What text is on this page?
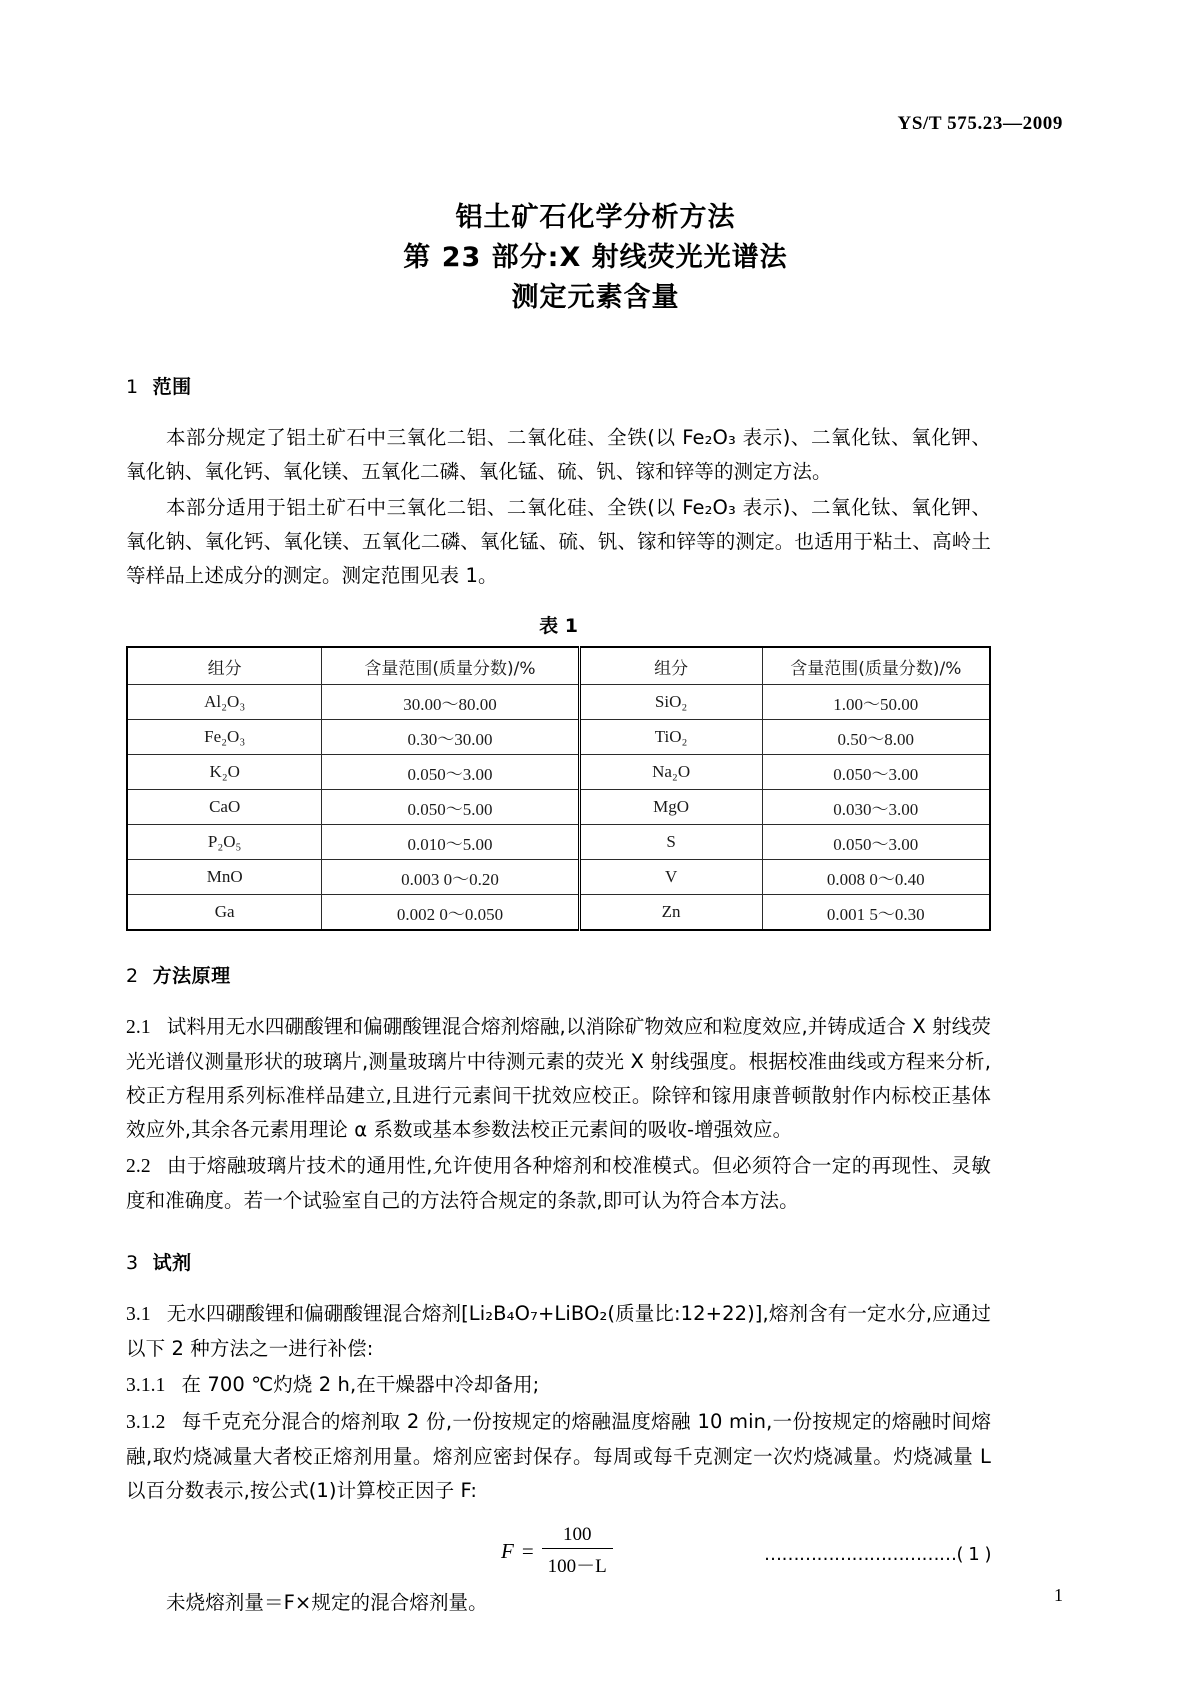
YS/T 575.23—2009
铝土矿石化学分析方法
第 23 部分:X 射线荧光光谱法
测定元素含量
1 范围

本部分规定了铝土矿石中三氧化二铝、二氧化硅、全铁(以 Fe₂O₃ 表示)、二氧化钛、氧化钾、氧化钠、氧化钙、氧化镁、五氧化二磷、氧化锰、硫、钒、镓和锌等的测定方法。

本部分适用于铝土矿石中三氧化二铝、二氧化硅、全铁(以 Fe₂O₃ 表示)、二氧化钛、氧化钾、氧化钠、氧化钙、氧化镁、五氧化二磷、氧化锰、硫、钒、镓和锌等的测定。也适用于粘土、高岭土等样品上述成分的测定。测定范围见表 1。

表 1
组分	含量范围(质量分数)/%	组分	含量范围(质量分数)/%
Al₂O₃	30.00～80.00	SiO₂	1.00～50.00
Fe₂O₃	0.30～30.00	TiO₂	0.50～8.00
K₂O	0.050～3.00	Na₂O	0.050～3.00
CaO	0.050～5.00	MgO	0.030～3.00
P₂O₅	0.010～5.00	S	0.050～3.00
MnO	0.003 0～0.20	V	0.008 0～0.40
Ga	0.002 0～0.050	Zn	0.001 5～0.30
2 方法原理

2.1 试料用无水四硼酸锂和偏硼酸锂混合熔剂熔融,以消除矿物效应和粒度效应,并铸成适合 X 射线荧光光谱仪测量形状的玻璃片,测量玻璃片中待测元素的荧光 X 射线强度。根据校准曲线或方程来分析,校正方程用系列标准样品建立,且进行元素间干扰效应校正。除锌和镓用康普顿散射作内标校正基体效应外,其余各元素用理论 α 系数或基本参数法校正元素间的吸收-增强效应。

2.2 由于熔融玻璃片技术的通用性,允许使用各种熔剂和校准模式。但必须符合一定的再现性、灵敏度和准确度。若一个试验室自己的方法符合规定的条款,即可认为符合本方法。

3 试剂

3.1 无水四硼酸锂和偏硼酸锂混合熔剂[Li₂B₄O₇+LiBO₂(质量比:12+22)],熔剂含有一定水分,应通过以下 2 种方法之一进行补偿:

3.1.1 在 700 ℃灼烧 2 h,在干燥器中冷却备用;

3.1.2 每千克充分混合的熔剂取 2 份,一份按规定的熔融温度熔融 10 min,一份按规定的熔融时间熔融,取灼烧减量大者校正熔剂用量。熔剂应密封保存。每周或每千克测定一次灼烧减量。灼烧减量 L 以百分数表示,按公式(1)计算校正因子 F:

$F = \frac{100}{100-L}$	……………………………( 1 )

未烧熔剂量＝F×规定的混合熔剂量。	1
